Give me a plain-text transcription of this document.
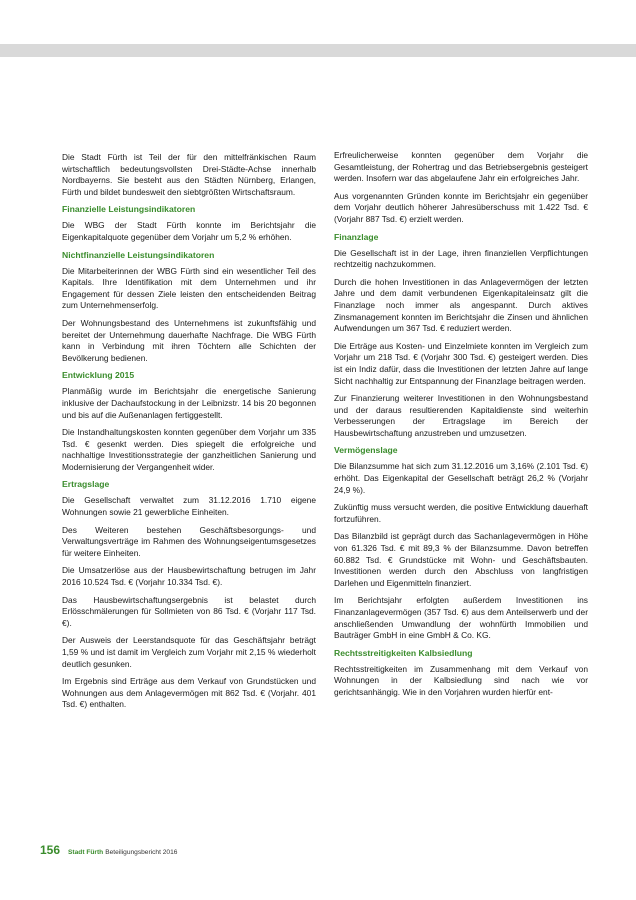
Die Stadt Fürth ist Teil der für den mittelfränkischen Raum wirtschaftlich bedeutungsvollsten Drei-Städte-Achse innerhalb Nordbayerns. Sie besteht aus den Städten Nürnberg, Erlangen, Fürth und bildet bundesweit den siebtgrößten Wirtschaftsraum.

Finanzielle Leistungsindikatoren

Die WBG der Stadt Fürth konnte im Berichtsjahr die Eigenkapitalquote gegenüber dem Vorjahr um 5,2 % erhöhen.

Nichtfinanzielle Leistungsindikatoren

Die Mitarbeiterinnen der WBG Fürth sind ein wesentlicher Teil des Kapitals. Ihre Identifikation mit dem Unternehmen und ihr Engagement für dessen Ziele leisten den entscheidenden Beitrag zum Unternehmenserfolg.

Der Wohnungsbestand des Unternehmens ist zukunftsfähig und bereitet der Unternehmung dauerhafte Nachfrage. Die WBG Fürth kann in Verbindung mit ihren Töchtern alle Schichten der Bevölkerung bedienen.

Entwicklung 2015

Planmäßig wurde im Berichtsjahr die energetische Sanierung inklusive der Dachaufstockung in der Leibnizstr. 14 bis 20 begonnen und bis auf die Außenanlagen fertiggestellt.

Die Instandhaltungskosten konnten gegenüber dem Vorjahr um 335 Tsd. € gesenkt werden. Dies spiegelt die erfolgreiche und nachhaltige Investitionsstrategie der ganzheitlichen Sanierung und Modernisierung der Vergangenheit wider.

Ertragslage

Die Gesellschaft verwaltet zum 31.12.2016 1.710 eigene Wohnungen sowie 21 gewerbliche Einheiten.

Des Weiteren bestehen Geschäftsbesorgungs- und Verwaltungsverträge im Rahmen des Wohnungseigentumsgesetzes für weitere Einheiten.

Die Umsatzerlöse aus der Hausbewirtschaftung betrugen im Jahr 2016 10.524 Tsd. € (Vorjahr 10.334 Tsd. €).

Das Hausbewirtschaftungsergebnis ist belastet durch Erlösschmälerungen für Sollmieten von 86 Tsd. € (Vorjahr 117 Tsd. €).

Der Ausweis der Leerstandsquote für das Geschäftsjahr beträgt 1,59 % und ist damit im Vergleich zum Vorjahr mit 2,15 % wiederholt deutlich gesunken.

Im Ergebnis sind Erträge aus dem Verkauf von Grundstücken und Wohnungen aus dem Anlagevermögen mit 862 Tsd. € (Vorjahr. 401 Tsd. €) enthalten.

Erfreulicherweise konnten gegenüber dem Vorjahr die Gesamtleistung, der Rohertrag und das Betriebsergebnis gesteigert werden. Insofern war das abgelaufene Jahr ein erfolgreiches Jahr.

Aus vorgenannten Gründen konnte im Berichtsjahr ein gegenüber dem Vorjahr deutlich höherer Jahresüberschuss mit 1.422 Tsd. € (Vorjahr 887 Tsd. €) erzielt werden.

Finanzlage

Die Gesellschaft ist in der Lage, ihren finanziellen Verpflichtungen rechtzeitig nachzukommen.

Durch die hohen Investitionen in das Anlagevermögen der letzten Jahre und dem damit verbundenen Eigenkapitaleinsatz gilt die Finanzlage noch immer als angespannt. Durch aktives Zinsmanagement konnten im Berichtsjahr die Zinsen und ähnlichen Aufwendungen um 367 Tsd. € reduziert werden.

Die Erträge aus Kosten- und Einzelmiete konnten im Vergleich zum Vorjahr um 218 Tsd. € (Vorjahr 300 Tsd. €) gesteigert werden. Dies ist ein Indiz dafür, dass die Investitionen der letzten Jahre auf lange Sicht nachhaltig zur Entspannung der Finanzlage beitragen werden.

Zur Finanzierung weiterer Investitionen in den Wohnungsbestand und der daraus resultierenden Kapitaldienste sind weiterhin Verbesserungen der Ertragslage im Bereich der Hausbewirtschaftung anzustreben und umzusetzen.

Vermögenslage

Die Bilanzsumme hat sich zum 31.12.2016 um 3,16% (2.101 Tsd. €) erhöht. Das Eigenkapital der Gesellschaft beträgt 26,2 % (Vorjahr 24,9 %).

Zukünftig muss versucht werden, die positive Entwicklung dauerhaft fortzuführen.

Das Bilanzbild ist geprägt durch das Sachanlagevermögen in Höhe von 61.326 Tsd. € mit 89,3 % der Bilanzsumme. Davon betreffen 60.882 Tsd. € Grundstücke mit Wohn- und Geschäftsbauten. Investitionen werden durch den Abschluss von langfristigen Darlehen und Eigenmitteln finanziert.

Im Berichtsjahr erfolgten außerdem Investitionen ins Finanzanlagevermögen (357 Tsd. €) aus dem Anteilserwerb und der anschließenden Umwandlung der wohnfürth Immobilien und Bauträger GmbH in eine GmbH & Co. KG.

Rechtsstreitigkeiten Kalbsiedlung

Rechtsstreitigkeiten im Zusammenhang mit dem Verkauf von Wohnungen in der Kalbsiedlung sind nach wie vor gerichtsanhängig. Wie in den Vorjahren wurden hierfür ent-

156 Stadt Fürth Beteiligungsbericht 2016
